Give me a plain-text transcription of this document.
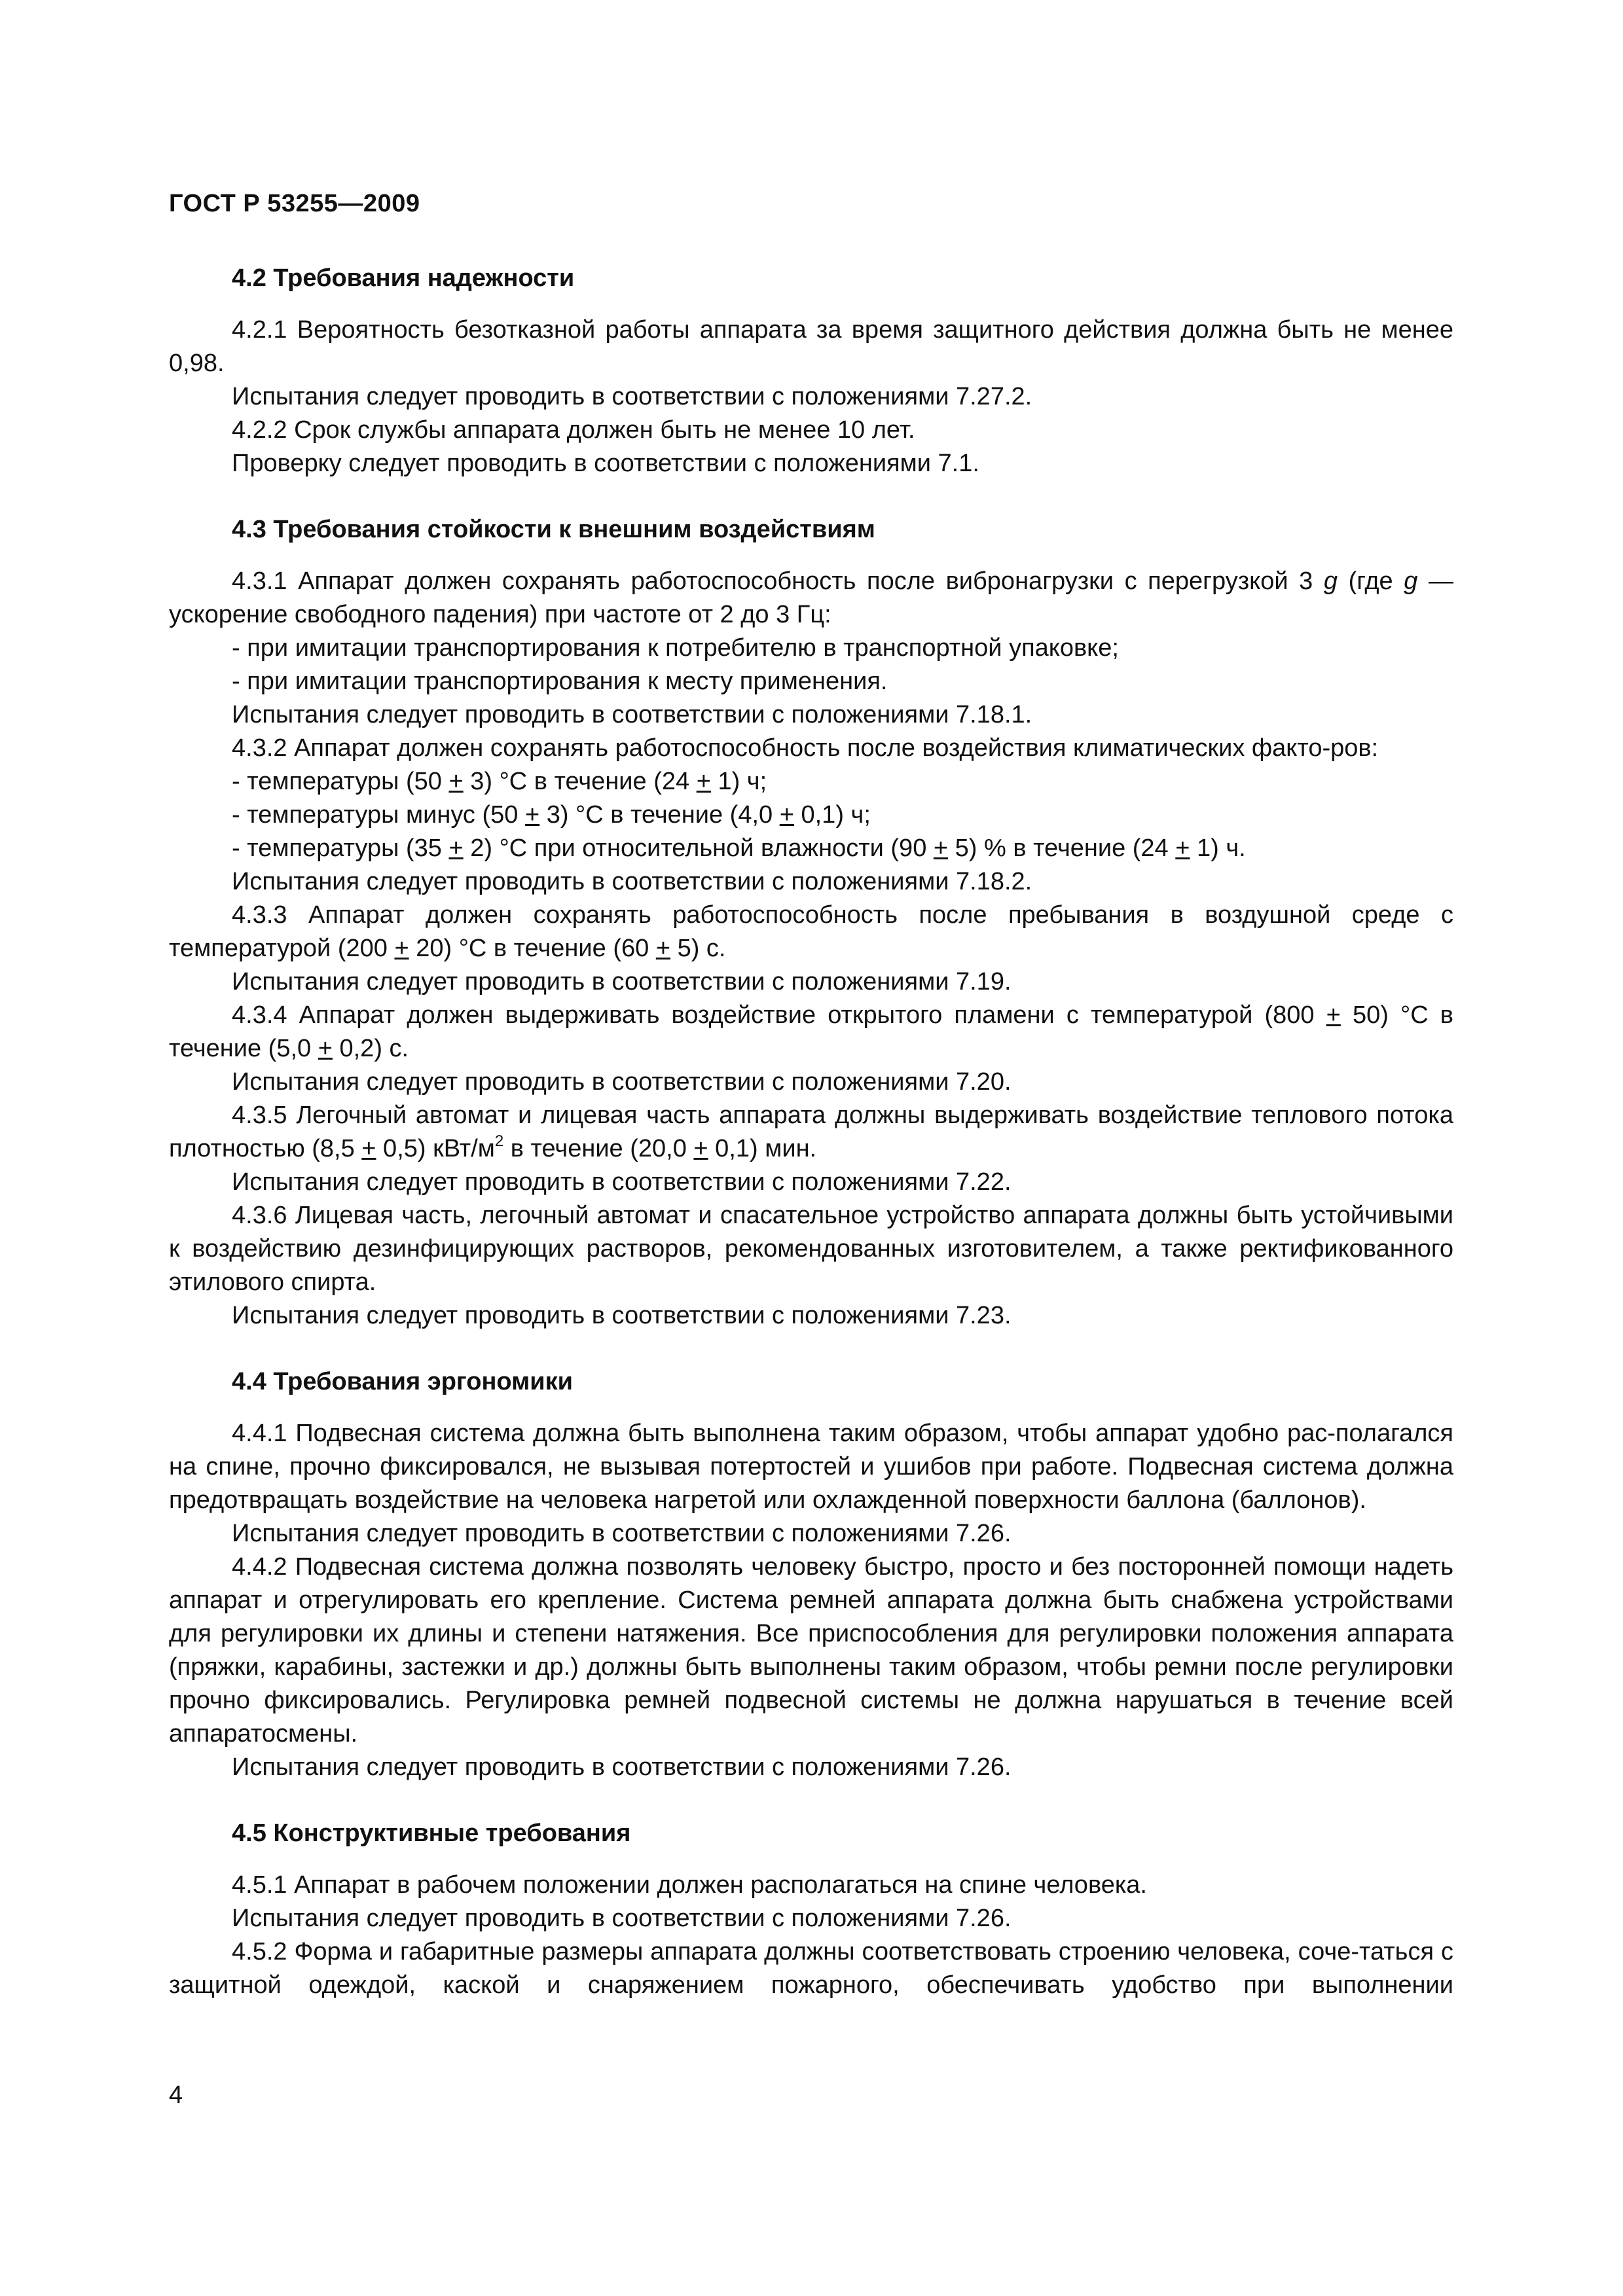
ГОСТ Р 53255—2009
4.2 Требования надежности

4.2.1 Вероятность безотказной работы аппарата за время защитного действия должна быть не менее 0,98.

Испытания следует проводить в соответствии с положениями 7.27.2.

4.2.2 Срок службы аппарата должен быть не менее 10 лет.

Проверку следует проводить в соответствии с положениями 7.1.

4.3 Требования стойкости к внешним воздействиям

4.3.1 Аппарат должен сохранять работоспособность после вибронагрузки с перегрузкой 3 g (где g — ускорение свободного падения) при частоте от 2 до 3 Гц:

- при имитации транспортирования к потребителю в транспортной упаковке;

- при имитации транспортирования к месту применения.

Испытания следует проводить в соответствии с положениями 7.18.1.

4.3.2 Аппарат должен сохранять работоспособность после воздействия климатических факто-ров:

- температуры (50 + 3) °С в течение (24 + 1) ч;

- температуры минус (50 + 3) °С в течение (4,0 + 0,1) ч;

- температуры (35 + 2) °С при относительной влажности (90 + 5) % в течение (24 + 1) ч.

Испытания следует проводить в соответствии с положениями 7.18.2.

4.3.3 Аппарат должен сохранять работоспособность после пребывания в воздушной среде с температурой (200 + 20) °С в течение (60 + 5) с.

Испытания следует проводить в соответствии с положениями 7.19.

4.3.4 Аппарат должен выдерживать воздействие открытого пламени с температурой (800 + 50) °С в течение (5,0 + 0,2) с.

Испытания следует проводить в соответствии с положениями 7.20.

4.3.5 Легочный автомат и лицевая часть аппарата должны выдерживать воздействие теплового потока плотностью (8,5 + 0,5) кВт/$м^2$ в течение (20,0 + 0,1) мин.

Испытания следует проводить в соответствии с положениями 7.22.

4.3.6 Лицевая часть, легочный автомат и спасательное устройство аппарата должны быть устойчивыми к воздействию дезинфицирующих растворов, рекомендованных изготовителем, а также ректификованного этилового спирта.

Испытания следует проводить в соответствии с положениями 7.23.

4.4 Требования эргономики

4.4.1 Подвесная система должна быть выполнена таким образом, чтобы аппарат удобно рас-полагался на спине, прочно фиксировался, не вызывая потертостей и ушибов при работе. Подвесная система должна предотвращать воздействие на человека нагретой или охлажденной поверхности баллона (баллонов).

Испытания следует проводить в соответствии с положениями 7.26.

4.4.2 Подвесная система должна позволять человеку быстро, просто и без посторонней помощи надеть аппарат и отрегулировать его крепление. Система ремней аппарата должна быть снабжена устройствами для регулировки их длины и степени натяжения. Все приспособления для регулировки положения аппарата (пряжки, карабины, застежки и др.) должны быть выполнены таким образом, чтобы ремни после регулировки прочно фиксировались. Регулировка ремней подвесной системы не должна нарушаться в течение всей аппаратосмены.

Испытания следует проводить в соответствии с положениями 7.26.

4.5 Конструктивные требования

4.5.1 Аппарат в рабочем положении должен располагаться на спине человека.

Испытания следует проводить в соответствии с положениями 7.26.

4.5.2 Форма и габаритные размеры аппарата должны соответствовать строению человека, соче-таться с защитной одеждой, каской и снаряжением пожарного, обеспечивать удобство при выполнении

4
